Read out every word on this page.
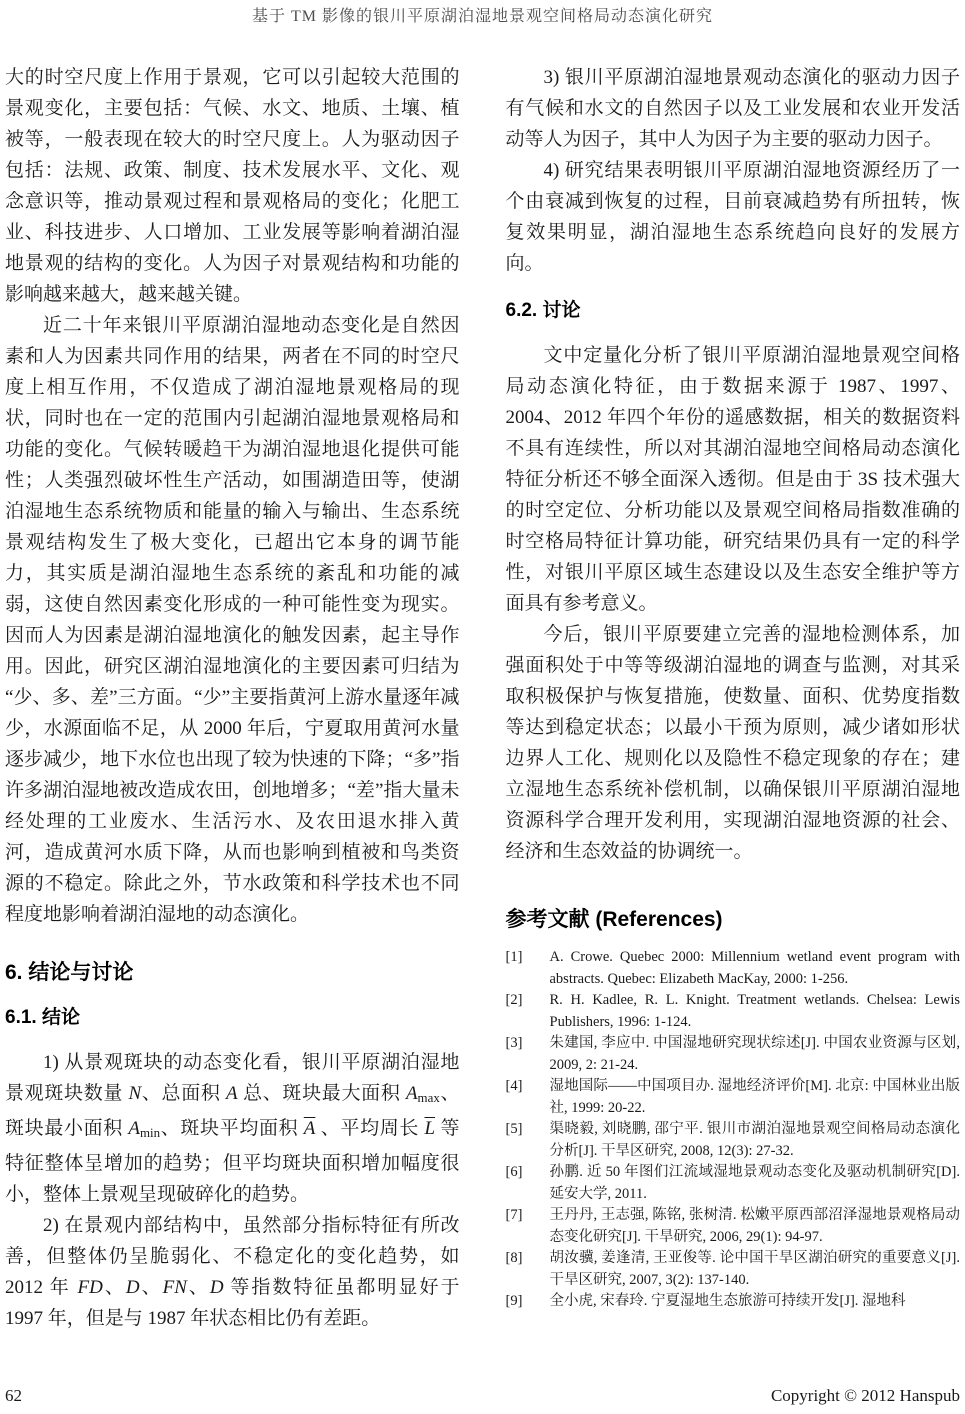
基于 TM 影像的银川平原湖泊湿地景观空间格局动态演化研究

大的时空尺度上作用于景观，它可以引起较大范围的景观变化，主要包括：气候、水文、地质、土壤、植被等，一般表现在较大的时空尺度上。人为驱动因子包括：法规、政策、制度、技术发展水平、文化、观念意识等，推动景观过程和景观格局的变化；化肥工业、科技进步、人口增加、工业发展等影响着湖泊湿地景观的结构的变化。人为因子对景观结构和功能的影响越来越大，越来越关键。

近二十年来银川平原湖泊湿地动态变化是自然因素和人为因素共同作用的结果，两者在不同的时空尺度上相互作用，不仅造成了湖泊湿地景观格局的现状，同时也在一定的范围内引起湖泊湿地景观格局和功能的变化。气候转暖趋干为湖泊湿地退化提供可能性；人类强烈破坏性生产活动，如围湖造田等，使湖泊湿地生态系统物质和能量的输入与输出、生态系统景观结构发生了极大变化，已超出它本身的调节能力，其实质是湖泊湿地生态系统的紊乱和功能的减弱，这使自然因素变化形成的一种可能性变为现实。因而人为因素是湖泊湿地演化的触发因素，起主导作用。因此，研究区湖泊湿地演化的主要因素可归结为“少、多、差”三方面。“少”主要指黄河上游水量逐年减少，水源面临不足，从 2000 年后，宁夏取用黄河水量逐步减少，地下水位也出现了较为快速的下降；“多”指许多湖泊湿地被改造成农田，创地增多；“差”指大量未经处理的工业废水、生活污水、及农田退水排入黄河，造成黄河水质下降，从而也影响到植被和鸟类资源的不稳定。除此之外，节水政策和科学技术也不同程度地影响着湖泊湿地的动态演化。

6. 结论与讨论
6.1. 结论

1) 从景观斑块的动态变化看，银川平原湖泊湿地景观斑块数量 N、总面积 A 总、斑块最大面积 Amax、斑块最小面积 Amin、斑块平均面积 $\overline{A}$ 、平均周长 $\overline{L}$ 等特征整体呈增加的趋势；但平均斑块面积增加幅度很小，整体上景观呈现破碎化的趋势。

2) 在景观内部结构中，虽然部分指标特征有所改善，但整体仍呈脆弱化、不稳定化的变化趋势，如 2012 年 FD、D、FN、D 等指数特征虽都明显好于 1997 年，但是与 1987 年状态相比仍有差距。

3) 银川平原湖泊湿地景观动态演化的驱动力因子有气候和水文的自然因子以及工业发展和农业开发活动等人为因子，其中人为因子为主要的驱动力因子。

4) 研究结果表明银川平原湖泊湿地资源经历了一个由衰减到恢复的过程，目前衰减趋势有所扭转，恢复效果明显，湖泊湿地生态系统趋向良好的发展方向。

6.2. 讨论

文中定量化分析了银川平原湖泊湿地景观空间格局动态演化特征，由于数据来源于 1987、1997、2004、2012 年四个年份的遥感数据，相关的数据资料不具有连续性，所以对其湖泊湿地空间格局动态演化特征分析还不够全面深入透彻。但是由于 3S 技术强大的时空定位、分析功能以及景观空间格局指数准确的时空格局特征计算功能，研究结果仍具有一定的科学性，对银川平原区域生态建设以及生态安全维护等方面具有参考意义。

今后，银川平原要建立完善的湿地检测体系，加强面积处于中等等级湖泊湿地的调查与监测，对其采取积极保护与恢复措施，使数量、面积、优势度指数等达到稳定状态；以最小干预为原则，减少诸如形状边界人工化、规则化以及隐性不稳定现象的存在；建立湿地生态系统补偿机制，以确保银川平原湖泊湿地资源科学合理开发利用，实现湖泊湿地资源的社会、经济和生态效益的协调统一。

参考文献 (References)
[1]	A. Crowe. Quebec 2000: Millennium wetland event program with abstracts. Quebec: Elizabeth MacKay, 2000: 1-256.
[2]	R. H. Kadlee, R. L. Knight. Treatment wetlands. Chelsea: Lewis Publishers, 1996: 1-124.
[3]	朱建国, 李应中. 中国湿地研究现状综述[J]. 中国农业资源与区划, 2009, 2: 21-24.
[4]	湿地国际——中国项目办. 湿地经济评价[M]. 北京: 中国林业出版社, 1999: 20-22.
[5]	渠晓毅, 刘晓鹏, 邵宁平. 银川市湖泊湿地景观空间格局动态演化分析[J]. 干旱区研究, 2008, 12(3): 27-32.
[6]	孙鹏. 近 50 年图们江流域湿地景观动态变化及驱动机制研究[D]. 延安大学, 2011.
[7]	王丹丹, 王志强, 陈铭, 张树清. 松嫩平原西部沼泽湿地景观格局动态变化研究[J]. 干旱研究, 2006, 29(1): 94-97.
[8]	胡汝骥, 姜逢清, 王亚俊等. 论中国干旱区湖泊研究的重要意义[J]. 干旱区研究, 2007, 3(2): 137-140.
[9]	全小虎, 宋春玲. 宁夏湿地生态旅游可持续开发[J]. 湿地科
62	Copyright © 2012 Hanspub
